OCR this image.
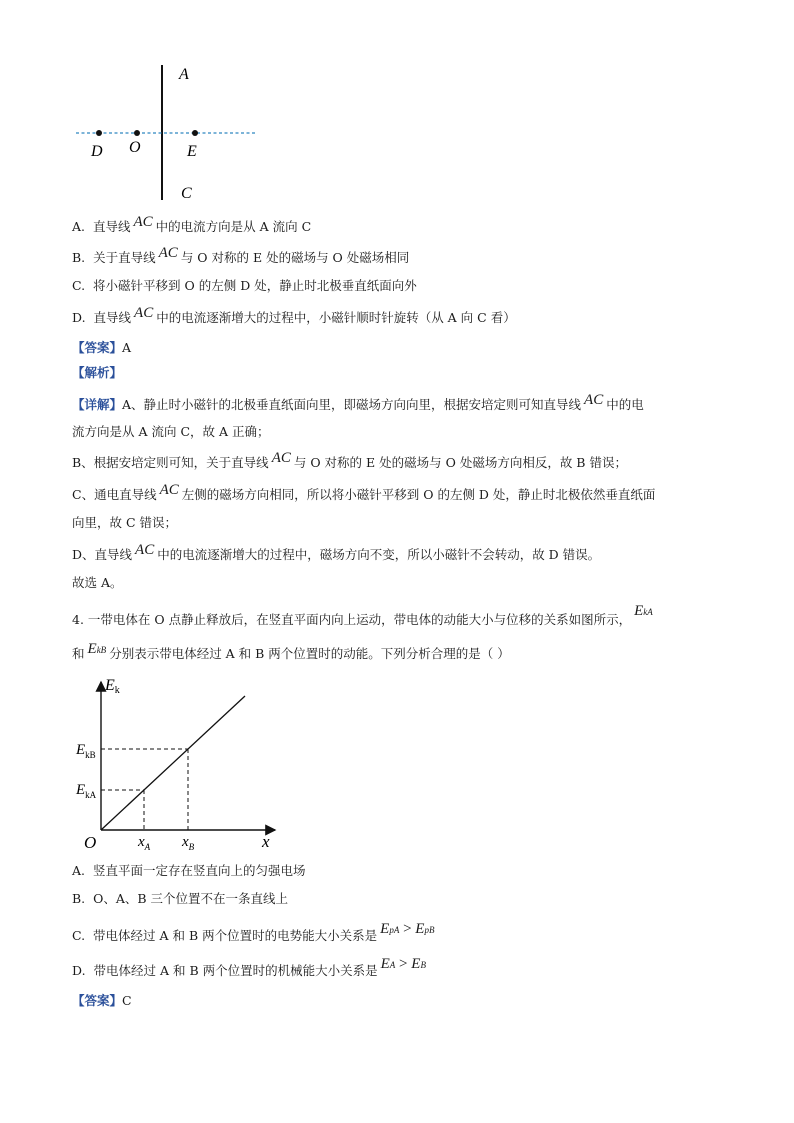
A
C
D O	E
A. 直导线 AC 中的电流方向是从 A 流向 C
B. 关于直导线 AC 与 O 对称的 E 处的磁场与 O 处磁场相同
C. 将小磁针平移到 O 的左侧 D 处，静止时北极垂直纸面向外
D. 直导线 AC 中的电流逐渐增大的过程中，小磁针顺时针旋转（从 A 向 C 看）
【答案】A
【解析】
【详解】A、静止时小磁针的北极垂直纸面向里，即磁场方向向里，根据安培定则可知直导线 AC 中的电
流方向是从 A 流向 C，故 A 正确；
B、根据安培定则可知，关于直导线 AC 与 O 对称的 E 处的磁场与 O 处磁场方向相反，故 B 错误；
C、通电直导线 AC 左侧的磁场方向相同，所以将小磁针平移到 O 的左侧 D 处，静止时北极依然垂直纸面
向里，故 C 错误；
D、直导线 AC 中的电流逐渐增大的过程中，磁场方向不变，所以小磁针不会转动，故 D 错误。
故选 A。
4. 一带电体在 O 点静止释放后，在竖直平面内向上运动，带电体的动能大小与位移的关系如图所示，EkA
和 EkB 分别表示带电体经过 A 和 B 两个位置时的动能。下列分析合理的是（ ）
Ek
x
O
$E_{kB}$
$E_{kA}$
$x_A$ $x_B$
A. 竖直平面一定存在竖直向上的匀强电场
B. O、A、B 三个位置不在一条直线上
C. 带电体经过 A 和 B 两个位置时的电势能大小关系是 EpA > EpB
D. 带电体经过 A 和 B 两个位置时的机械能大小关系是 EA > EB
【答案】C
